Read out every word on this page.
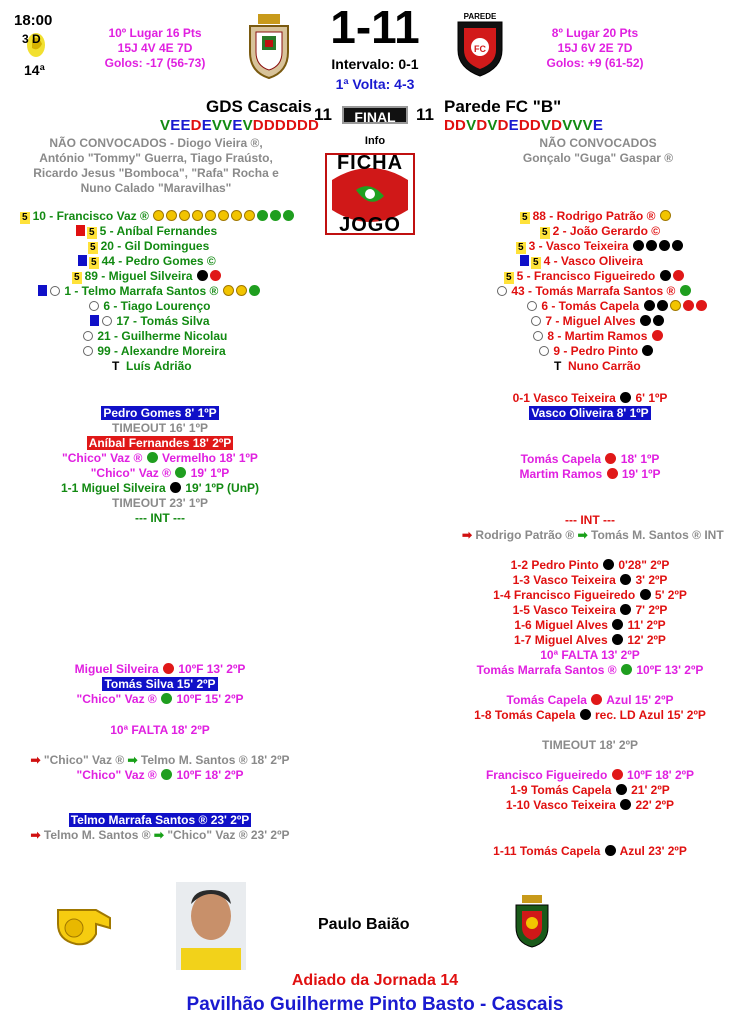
18:00
3 D
14ª
10º Lugar 16 Pts
15J 4V 4E 7D
Golos: -17 (56-73)
1-11
Intervalo: 0-1
1ª Volta: 4-3
FC
PAREDE
8º Lugar 20 Pts
15J 6V 2E 7D
Golos: +9 (61-52)
GDS Cascais 11	FINAL	11 Parede FC "B"
VEEDEVVEVDDDDDD	DDVDVDEDDVDVVVE
Info
FICHA
JOGO
NÃO CONVOCADOS - Diogo Vieira ®,
António "Tommy" Guerra, Tiago Fraústo,
Ricardo Jesus "Bomboca", "Rafa" Rocha e
Nuno Calado "Maravilhas"
NÃO CONVOCADOS
Gonçalo "Guga" Gaspar ®
5 10 - Francisco Vaz ®
5 5 - Aníbal Fernandes
5 20 - Gil Domingues
5 44 - Pedro Gomes ©
5 89 - Miguel Silveira
1 - Telmo Marrafa Santos ®
6 - Tiago Lourenço
17 - Tomás Silva
21 - Guilherme Nicolau
99 - Alexandre Moreira
T Luís Adrião
5 88 - Rodrigo Patrão ®
5 2 - João Gerardo ©
5 3 - Vasco Teixeira
5 4 - Vasco Oliveira
5 5 - Francisco Figueiredo
43 - Tomás Marrafa Santos ®
6 - Tomás Capela
7 - Miguel Alves
8 - Martim Ramos
9 - Pedro Pinto
T Nuno Carrão
Pedro Gomes 8' 1ºP
TIMEOUT 16' 1ºP
Aníbal Fernandes 18' 2ºP
"Chico" Vaz ® Vermelho 18' 1ºP
"Chico" Vaz ® 19' 1ºP
1-1 Miguel Silveira 19' 1ºP (UnP)
TIMEOUT 23' 1ºP
--- INT ---
Miguel Silveira 10ºF 13' 2ºP
Tomás Silva 15' 2ºP
"Chico" Vaz ® 10ºF 15' 2ºP
10ª FALTA 18' 2ºP
➡ "Chico" Vaz ® ➡ Telmo M. Santos ® 18' 2ºP
"Chico" Vaz ® 10ºF 18' 2ºP
Telmo Marrafa Santos ® 23' 2ºP
➡ Telmo M. Santos ® ➡ "Chico" Vaz ® 23' 2ºP
0-1 Vasco Teixeira 6' 1ºP
Vasco Oliveira 8' 1ºP
Tomás Capela 18' 1ºP
Martim Ramos 19' 1ºP
--- INT ---
➡ Rodrigo Patrão ® ➡ Tomás M. Santos ® INT
1-2 Pedro Pinto 0'28" 2ºP
1-3 Vasco Teixeira 3' 2ºP
1-4 Francisco Figueiredo 5' 2ºP
1-5 Vasco Teixeira 7' 2ºP
1-6 Miguel Alves 11' 2ºP
1-7 Miguel Alves 12' 2ºP
10ª FALTA 13' 2ºP
Tomás Marrafa Santos ® 10ºF 13' 2ºP
Tomás Capela Azul 15' 2ºP
1-8 Tomás Capela rec. LD Azul 15' 2ºP
TIMEOUT 18' 2ºP
Francisco Figueiredo 10ºF 18' 2ºP
1-9 Tomás Capela 21' 2ºP
1-10 Vasco Teixeira 22' 2ºP
1-11 Tomás Capela Azul 23' 2ºP
Paulo Baião
Adiado da Jornada 14
Pavilhão Guilherme Pinto Basto - Cascais
